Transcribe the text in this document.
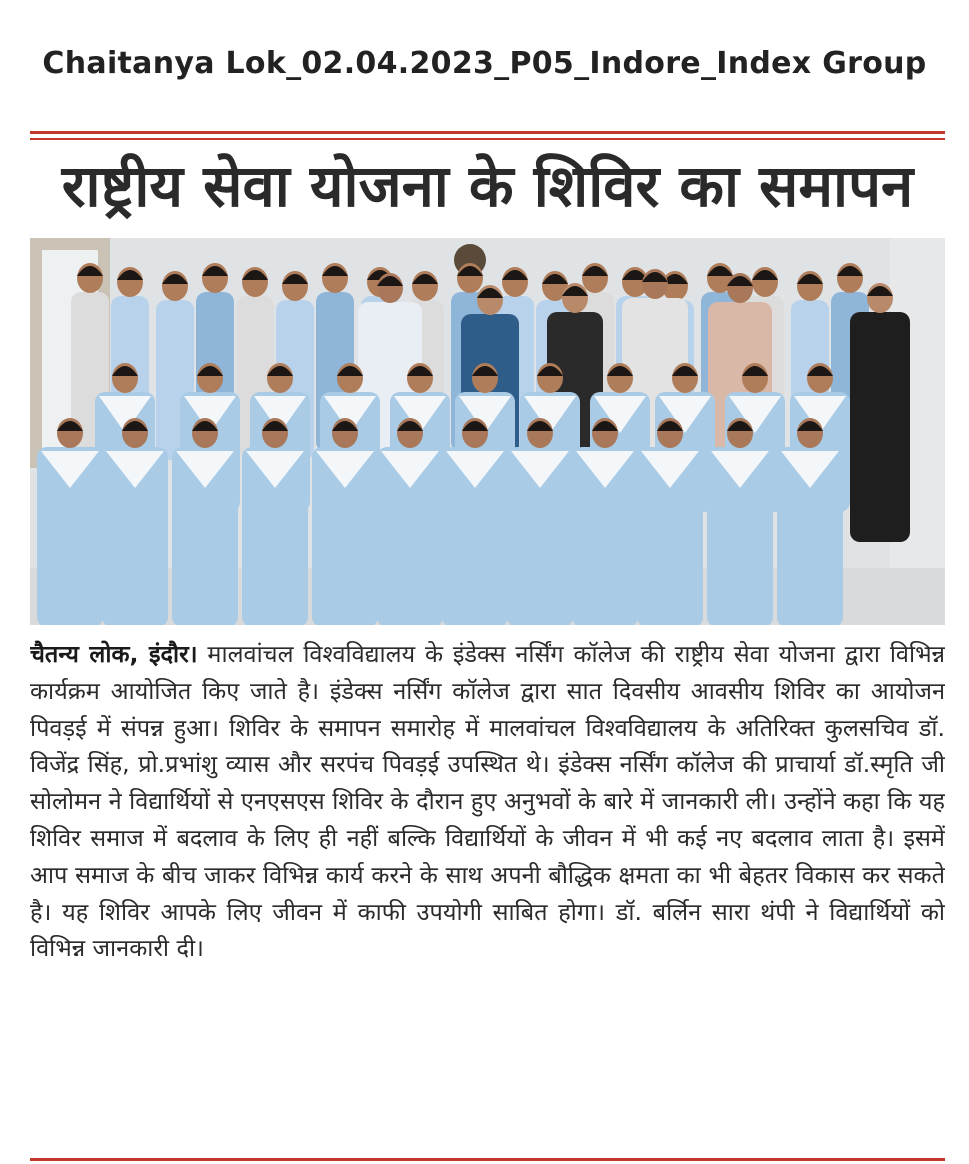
Chaitanya Lok_02.04.2023_P05_Indore_Index Group
राष्ट्रीय सेवा योजना के शिविर का समापन
चैतन्य लोक, इंदौर। मालवांचल विश्वविद्यालय के इंडेक्स नर्सिंग कॉलेज की राष्ट्रीय सेवा योजना द्वारा विभिन्न कार्यक्रम आयोजित किए जाते है। इंडेक्स नर्सिंग कॉलेज द्वारा सात दिवसीय आवसीय शिविर का आयोजन पिवड़ई में संपन्न हुआ। शिविर के समापन समारोह में मालवांचल विश्वविद्यालय के अतिरिक्त कुलसचिव डॉ. विजेंद्र सिंह, प्रो.प्रभांशु व्यास और सरपंच पिवड़ई उपस्थित थे। इंडेक्स नर्सिंग कॉलेज की प्राचार्या डॉ.स्मृति जी सोलोमन ने विद्यार्थियों से एनएसएस शिविर के दौरान हुए अनुभवों के बारे में जानकारी ली। उन्होंने कहा कि यह शिविर समाज में बदलाव के लिए ही नहीं बल्कि विद्यार्थियों के जीवन में भी कई नए बदलाव लाता है। इसमें आप समाज के बीच जाकर विभिन्न कार्य करने के साथ अपनी बौद्धिक क्षमता का भी बेहतर विकास कर सकते है। यह शिविर आपके लिए जीवन में काफी उपयोगी साबित होगा। डॉ. बर्लिन सारा थंपी ने विद्यार्थियों को विभिन्न जानकारी दी।
